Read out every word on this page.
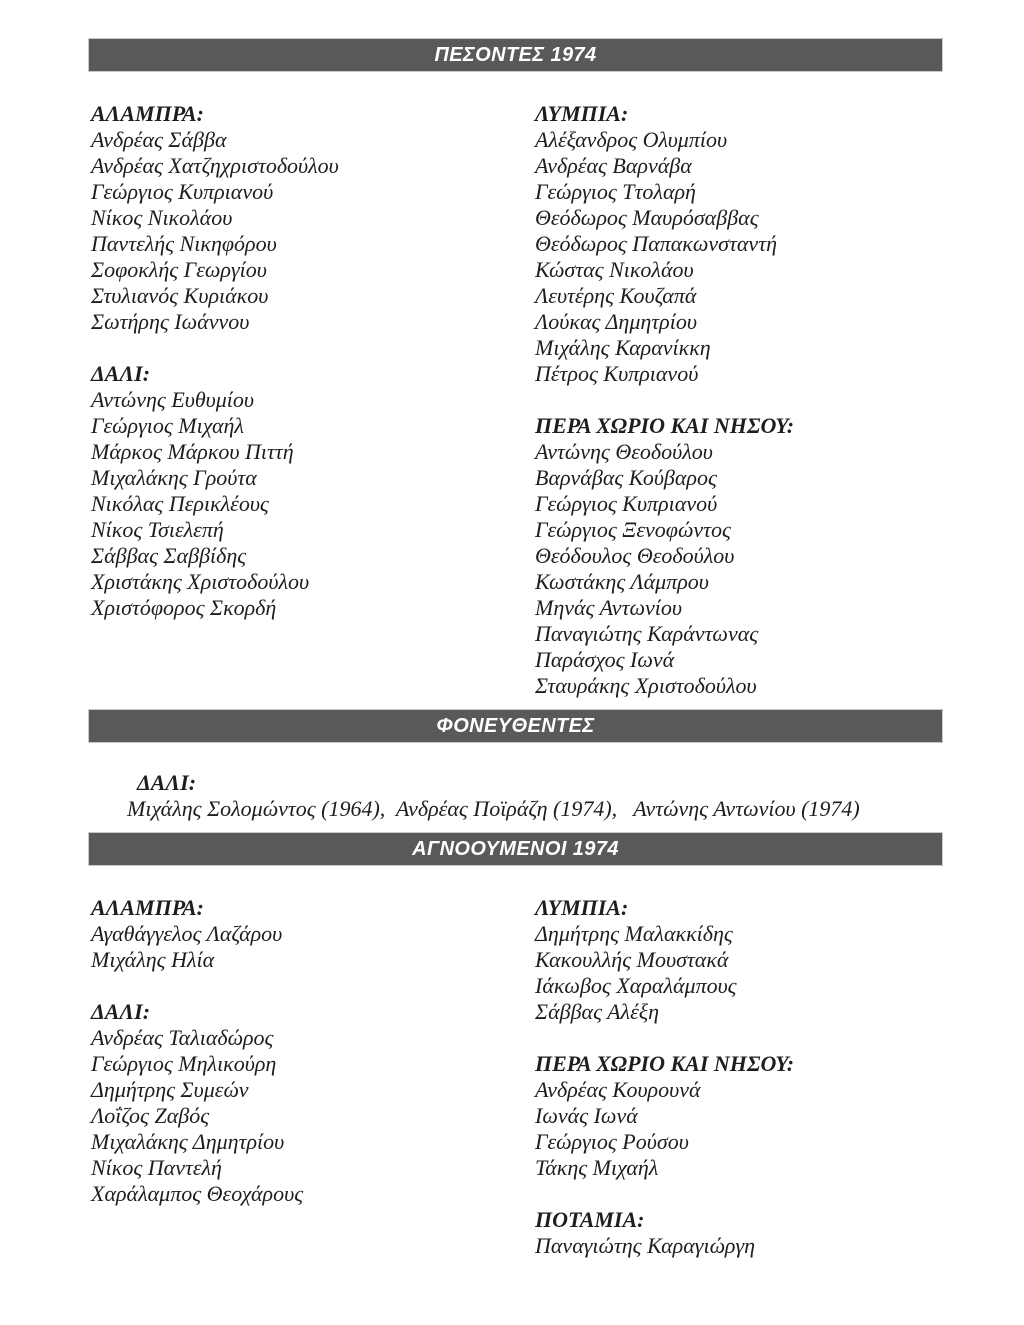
ΠΕΣΟΝΤΕΣ 1974
ΑΛΑΜΠΡΑ:
Ανδρέας Σάββα
Ανδρέας Χατζηχριστοδούλου
Γεώργιος Κυπριανού
Νίκος Νικολάου
Παντελής Νικηφόρου
Σοφοκλής Γεωργίου
Στυλιανός Κυριάκου
Σωτήρης Ιωάννου
ΔΑΛΙ:
Αντώνης Ευθυμίου
Γεώργιος Μιχαήλ
Μάρκος Μάρκου Πιττή
Μιχαλάκης Γρούτα
Νικόλας Περικλέους
Νίκος Τσιελεπή
Σάββας Σαββίδης
Χριστάκης Χριστοδούλου
Χριστόφορος Σκορδή
ΛΥΜΠΙΑ:
Αλέξανδρος Ολυμπίου
Ανδρέας Βαρνάβα
Γεώργιος Ττολαρή
Θεόδωρος Μαυρόσαββας
Θεόδωρος Παπακωνσταντή
Κώστας Νικολάου
Λευτέρης Κουζαπά
Λούκας Δημητρίου
Μιχάλης Καρανίκκη
Πέτρος Κυπριανού
ΠΕΡΑ ΧΩΡΙΟ ΚΑΙ ΝΗΣΟΥ:
Αντώνης Θεοδούλου
Βαρνάβας Κούβαρος
Γεώργιος Κυπριανού
Γεώργιος Ξενοφώντος
Θεόδουλος Θεοδούλου
Κωστάκης Λάμπρου
Μηνάς Αντωνίου
Παναγιώτης Καράντωνας
Παράσχος Ιωνά
Σταυράκης Χριστοδούλου
ΦΟΝΕΥΘΕΝΤΕΣ
ΔΑΛΙ:
Μιχάλης Σολομώντος (1964),  Ανδρέας Ποϊράζη (1974),   Αντώνης Αντωνίου (1974)
ΑΓΝΟΟΥΜΕΝΟΙ 1974
ΑΛΑΜΠΡΑ:
Αγαθάγγελος Λαζάρου
Μιχάλης Ηλία
ΔΑΛΙ:
Ανδρέας Ταλιαδώρος
Γεώργιος Μηλικούρη
Δημήτρης Συμεών
Λοΐζος Ζαβός
Μιχαλάκης Δημητρίου
Νίκος Παντελή
Χαράλαμπος Θεοχάρους
ΛΥΜΠΙΑ:
Δημήτρης Μαλακκίδης
Κακουλλής Μουστακά
Ιάκωβος Χαραλάμπους
Σάββας Αλέξη
ΠΕΡΑ ΧΩΡΙΟ ΚΑΙ ΝΗΣΟΥ:
Ανδρέας Κουρουνά
Ιωνάς Ιωνά
Γεώργιος Ρούσου
Τάκης Μιχαήλ
ΠΟΤΑΜΙΑ:
Παναγιώτης Καραγιώργη
